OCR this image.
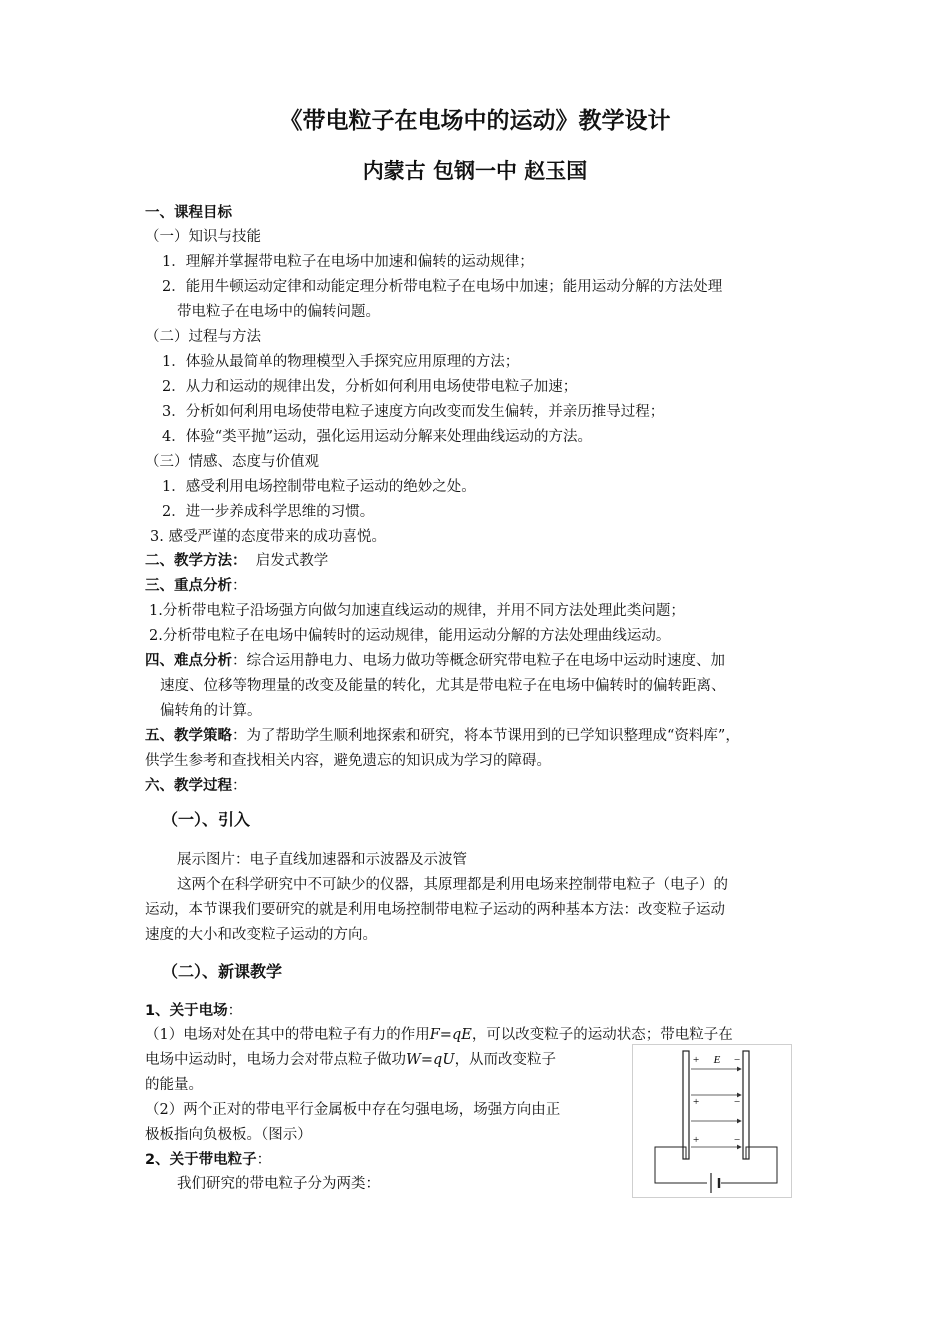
《带电粒子在电场中的运动》教学设计
内蒙古 包钢一中 赵玉国
一、课程目标
（一）知识与技能
1．理解并掌握带电粒子在电场中加速和偏转的运动规律；
2．能用牛顿运动定律和动能定理分析带电粒子在电场中加速；能用运动分解的方法处理
带电粒子在电场中的偏转问题。
（二）过程与方法
1．体验从最简单的物理模型入手探究应用原理的方法；
2．从力和运动的规律出发，分析如何利用电场使带电粒子加速；
3．分析如何利用电场使带电粒子速度方向改变而发生偏转，并亲历推导过程；
4．体验“类平抛”运动，强化运用运动分解来处理曲线运动的方法。
（三）情感、态度与价值观
1．感受利用电场控制带电粒子运动的绝妙之处。
2．进一步养成科学思维的习惯。
3. 感受严谨的态度带来的成功喜悦。
二、教学方法： 启发式教学
三、重点分析：
1.分析带电粒子沿场强方向做匀加速直线运动的规律，并用不同方法处理此类问题；
2.分析带电粒子在电场中偏转时的运动规律，能用运动分解的方法处理曲线运动。
四、难点分析：综合运用静电力、电场力做功等概念研究带电粒子在电场中运动时速度、加
速度、位移等物理量的改变及能量的转化，尤其是带电粒子在电场中偏转时的偏转距离、
偏转角的计算。
五、教学策略：为了帮助学生顺利地探索和研究，将本节课用到的已学知识整理成“资料库”，
供学生参考和查找相关内容，避免遗忘的知识成为学习的障碍。
六、教学过程：
（一）、引入
展示图片：电子直线加速器和示波器及示波管
这两个在科学研究中不可缺少的仪器，其原理都是利用电场来控制带电粒子（电子）的
运动，本节课我们要研究的就是利用电场控制带电粒子运动的两种基本方法：改变粒子运动
速度的大小和改变粒子运动的方向。
（二）、新课教学
1、关于电场：
（1）电场对处在其中的带电粒子有力的作用F=qE，可以改变粒子的运动状态；带电粒子在
电场中运动时，电场力会对带点粒子做功W=qU，从而改变粒子
的能量。
（2）两个正对的带电平行金属板中存在匀强电场，场强方向由正
极板指向负极板。（图示）
2、关于带电粒子：
我们研究的带电粒子分为两类：
E
+
+
+
−
−
−
